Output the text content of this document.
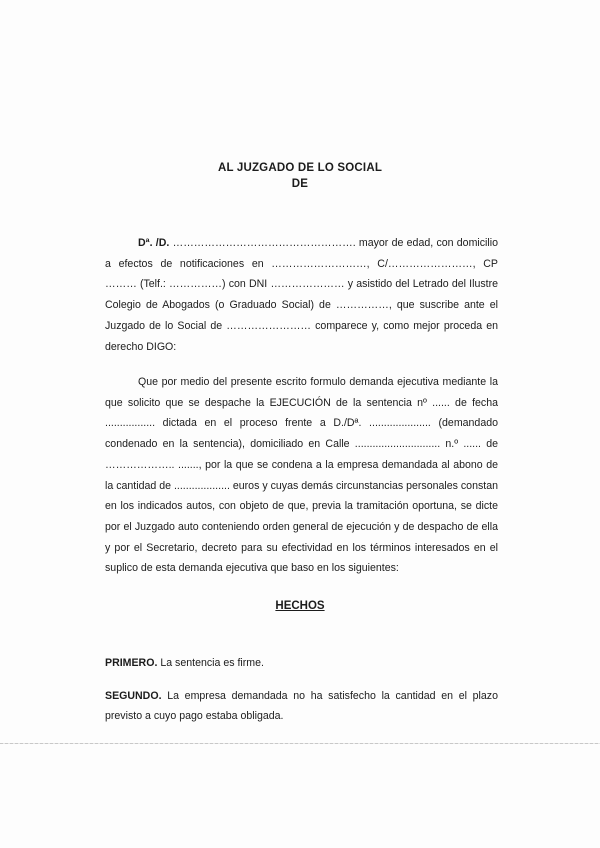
AL JUZGADO DE LO SOCIAL
DE
Dª. /D. ……………………………………………. mayor de edad, con domicilio a efectos de notificaciones en ………………………, C/……………………, CP ……… (Telf.: ……………) con DNI ………………… y asistido del Letrado del Ilustre Colegio de Abogados (o Graduado Social) de ……………, que suscribe ante el Juzgado de lo Social de …………………… comparece y, como mejor proceda en derecho DIGO:
Que por medio del presente escrito formulo demanda ejecutiva mediante la que solicito que se despache la EJECUCIÓN de la sentencia nº ...... de fecha ................. dictada en el proceso frente a D./Dª. ..................... (demandado condenado en la sentencia), domiciliado en Calle ............................. n.º ...... de ……………….. ......., por la que se condena a la empresa demandada al abono de la cantidad de ................... euros y cuyas demás circunstancias personales constan en los indicados autos, con objeto de que, previa la tramitación oportuna, se dicte por el Juzgado auto conteniendo orden general de ejecución y de despacho de ella y por el Secretario, decreto para su efectividad en los términos interesados en el suplico de esta demanda ejecutiva que baso en los siguientes:
HECHOS
PRIMERO. La sentencia es firme.
SEGUNDO. La empresa demandada no ha satisfecho la cantidad en el plazo previsto a cuyo pago estaba obligada.
